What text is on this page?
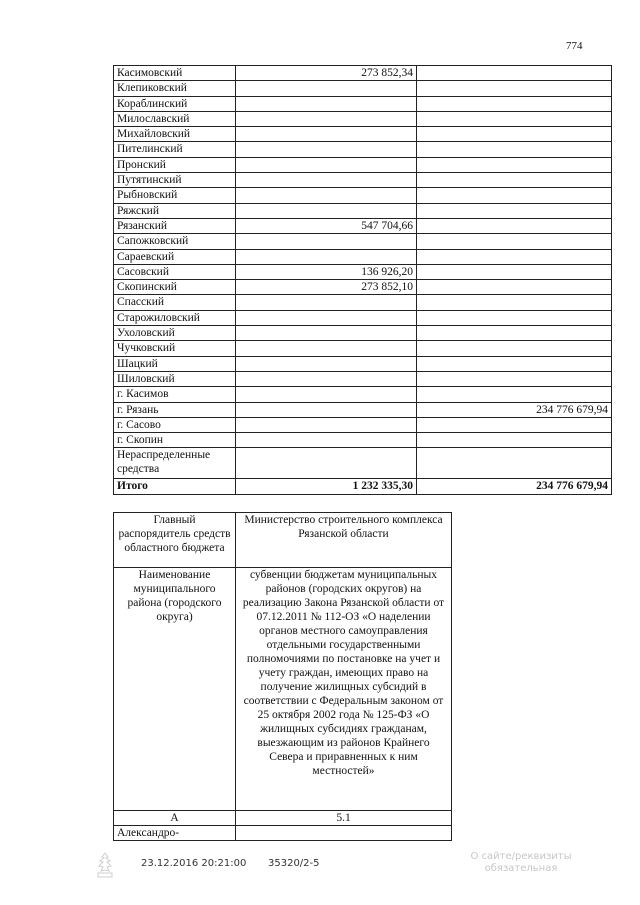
774
Касимовский	273 852,34	
Клепиковский		
Кораблинский		
Милославский		
Михайловский		
Пителинский		
Пронский		
Путятинский		
Рыбновский		
Ряжский		
Рязанский	547 704,66	
Сапожковский		
Сараевский		
Сасовский	136 926,20	
Скопинский	273 852,10	
Спасский		
Старожиловский		
Ухоловский		
Чучковский		
Шацкий		
Шиловский		
г. Касимов		
г. Рязань		234 776 679,94
г. Сасово		
г. Скопин		
Нераспределенные средства		
Итого	1 232 335,30	234 776 679,94
Главный распорядитель средств областного бюджета	Министерство строительного комплекса Рязанской области
Наименование муниципального района (городского округа)	субвенции бюджетам муниципальных районов (городских округов) на реализацию Закона Рязанской области от 07.12.2011 № 112-ОЗ «О наделении органов местного самоуправления отдельными государственными полномочиями по постановке на учет и учету граждан, имеющих право на получение жилищных субсидий в соответствии с Федеральным законом от 25 октября 2002 года № 125-ФЗ «О жилищных субсидиях гражданам, выезжающим из районов Крайнего Севера и приравненных к ним местностей»
А	5.1
Александро-	
23.12.2016 20:21:00 35320/2-5
О сайте/реквизиты
обязательная
